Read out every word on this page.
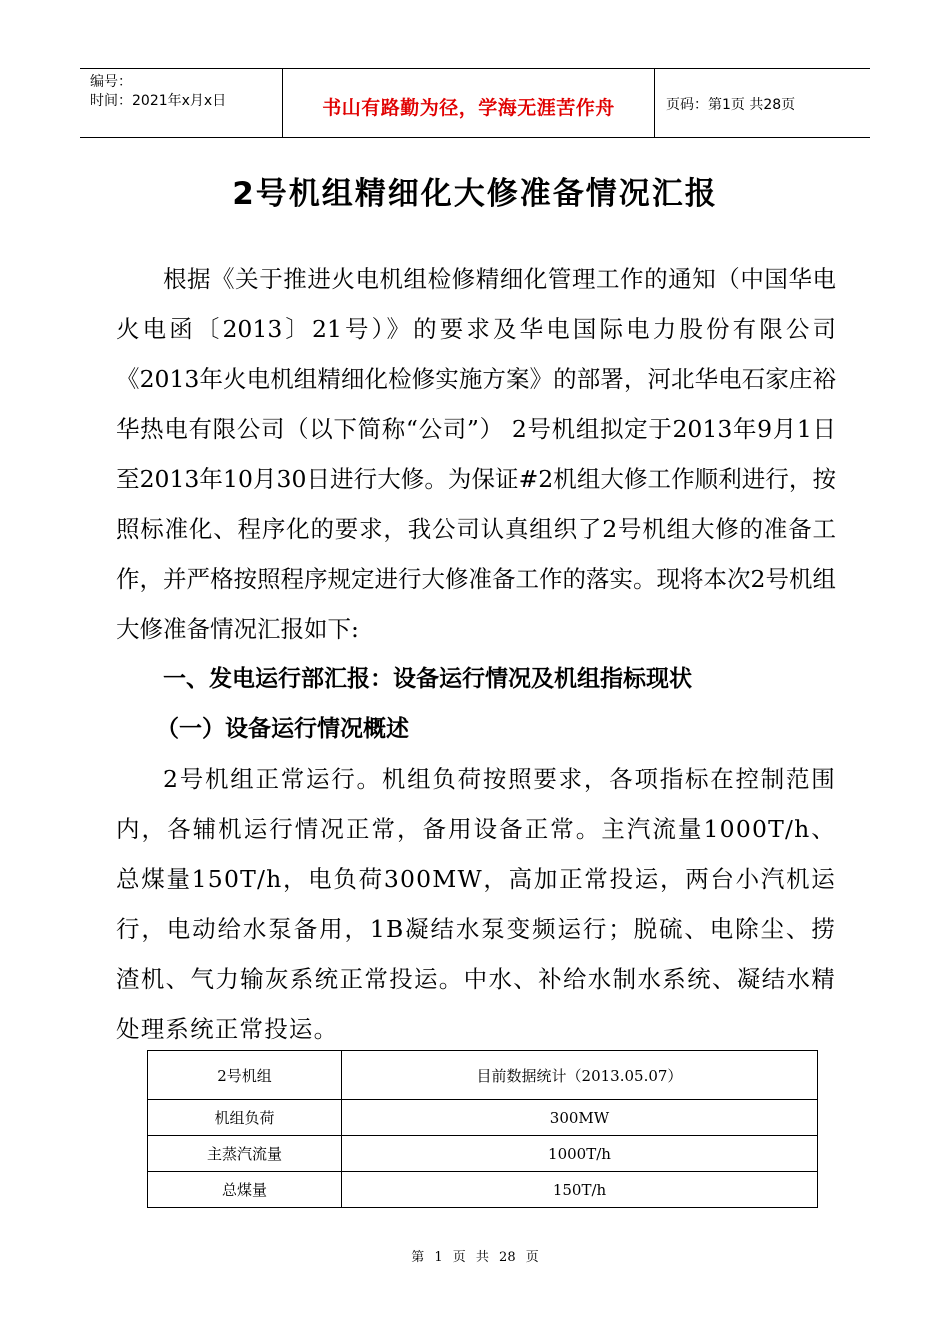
编号：
时间：2021年x月x日	书山有路勤为径，学海无涯苦作舟	页码：第1页 共28页
2号机组精细化大修准备情况汇报

根据《关于推进火电机组检修精细化管理工作的通知（中国华电火电函〔2013〕21号）》的要求及华电国际电力股份有限公司《2013年火电机组精细化检修实施方案》的部署，河北华电石家庄裕华热电有限公司（以下简称“公司”） 2号机组拟定于2013年9月1日至2013年10月30日进行大修。为保证#2机组大修工作顺利进行，按照标准化、程序化的要求，我公司认真组织了2号机组大修的准备工作，并严格按照程序规定进行大修准备工作的落实。现将本次2号机组大修准备情况汇报如下:

一、发电运行部汇报：设备运行情况及机组指标现状
（一）设备运行情况概述

2号机组正常运行。机组负荷按照要求，各项指标在控制范围内，各辅机运行情况正常，备用设备正常。主汽流量1000T/h、总煤量150T/h，电负荷300MW，高加正常投运，两台小汽机运行，电动给水泵备用，1B凝结水泵变频运行；脱硫、电除尘、捞渣机、气力输灰系统正常投运。中水、补给水制水系统、凝结水精处理系统正常投运。

2号机组	目前数据统计（2013.05.07）
机组负荷	300MW
主蒸汽流量	1000T/h
总煤量	150T/h
第 1 页 共 28 页
